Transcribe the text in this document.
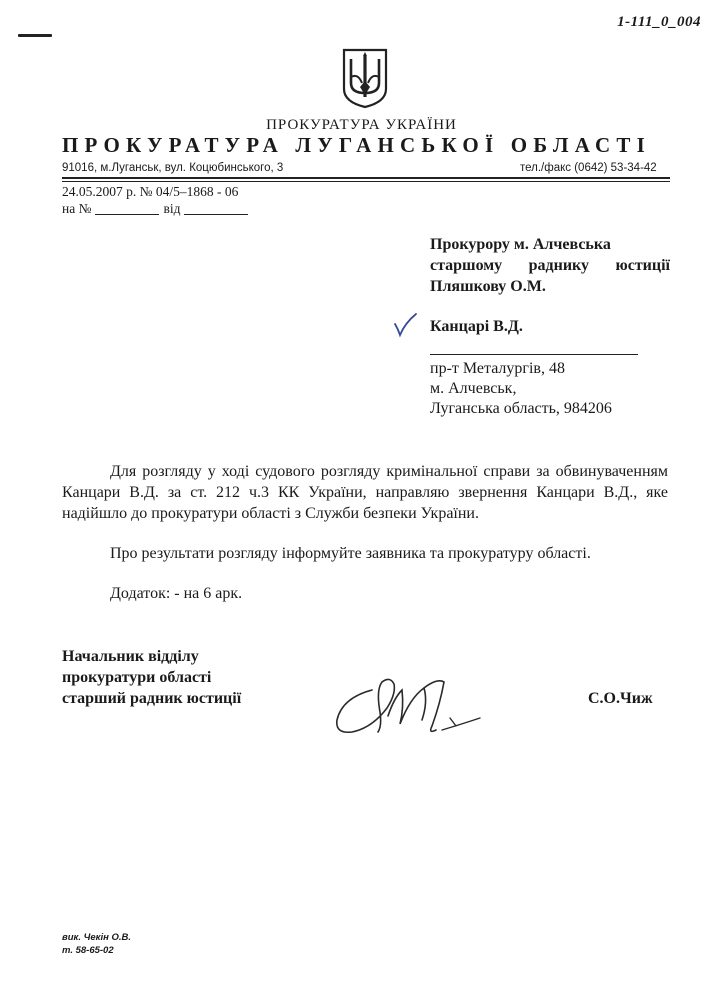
1-111_0_004
ПРОКУРАТУРА УКРАЇНИ
ПРОКУРАТУРА ЛУГАНСЬКОЇ ОБЛАСТІ
91016, м.Луганськ, вул. Коцюбинського, 3	тел./факс (0642) 53-34-42
24.05.2007 р. № 04/5–1868 - 06
на №	від
Прокурору м. Алчевська
старшому раднику юстиції
Пляшкову О.М.
Канцарі В.Д.
пр-т Металургів, 48
м. Алчевськ,
Луганська область, 984206
Для розгляду у ході судового розгляду кримінальної справи за обвинуваченням Канцари В.Д. за ст. 212 ч.3 КК України, направляю звернення Канцари В.Д., яке надійшло до прокуратури області з Служби безпеки України.
Про результати розгляду інформуйте заявника та прокуратуру області.
Додаток: - на 6 арк.
Начальник відділу
прокуратури області
старший радник юстиції	С.О.Чиж
вик. Чекін О.В.
т. 58-65-02
